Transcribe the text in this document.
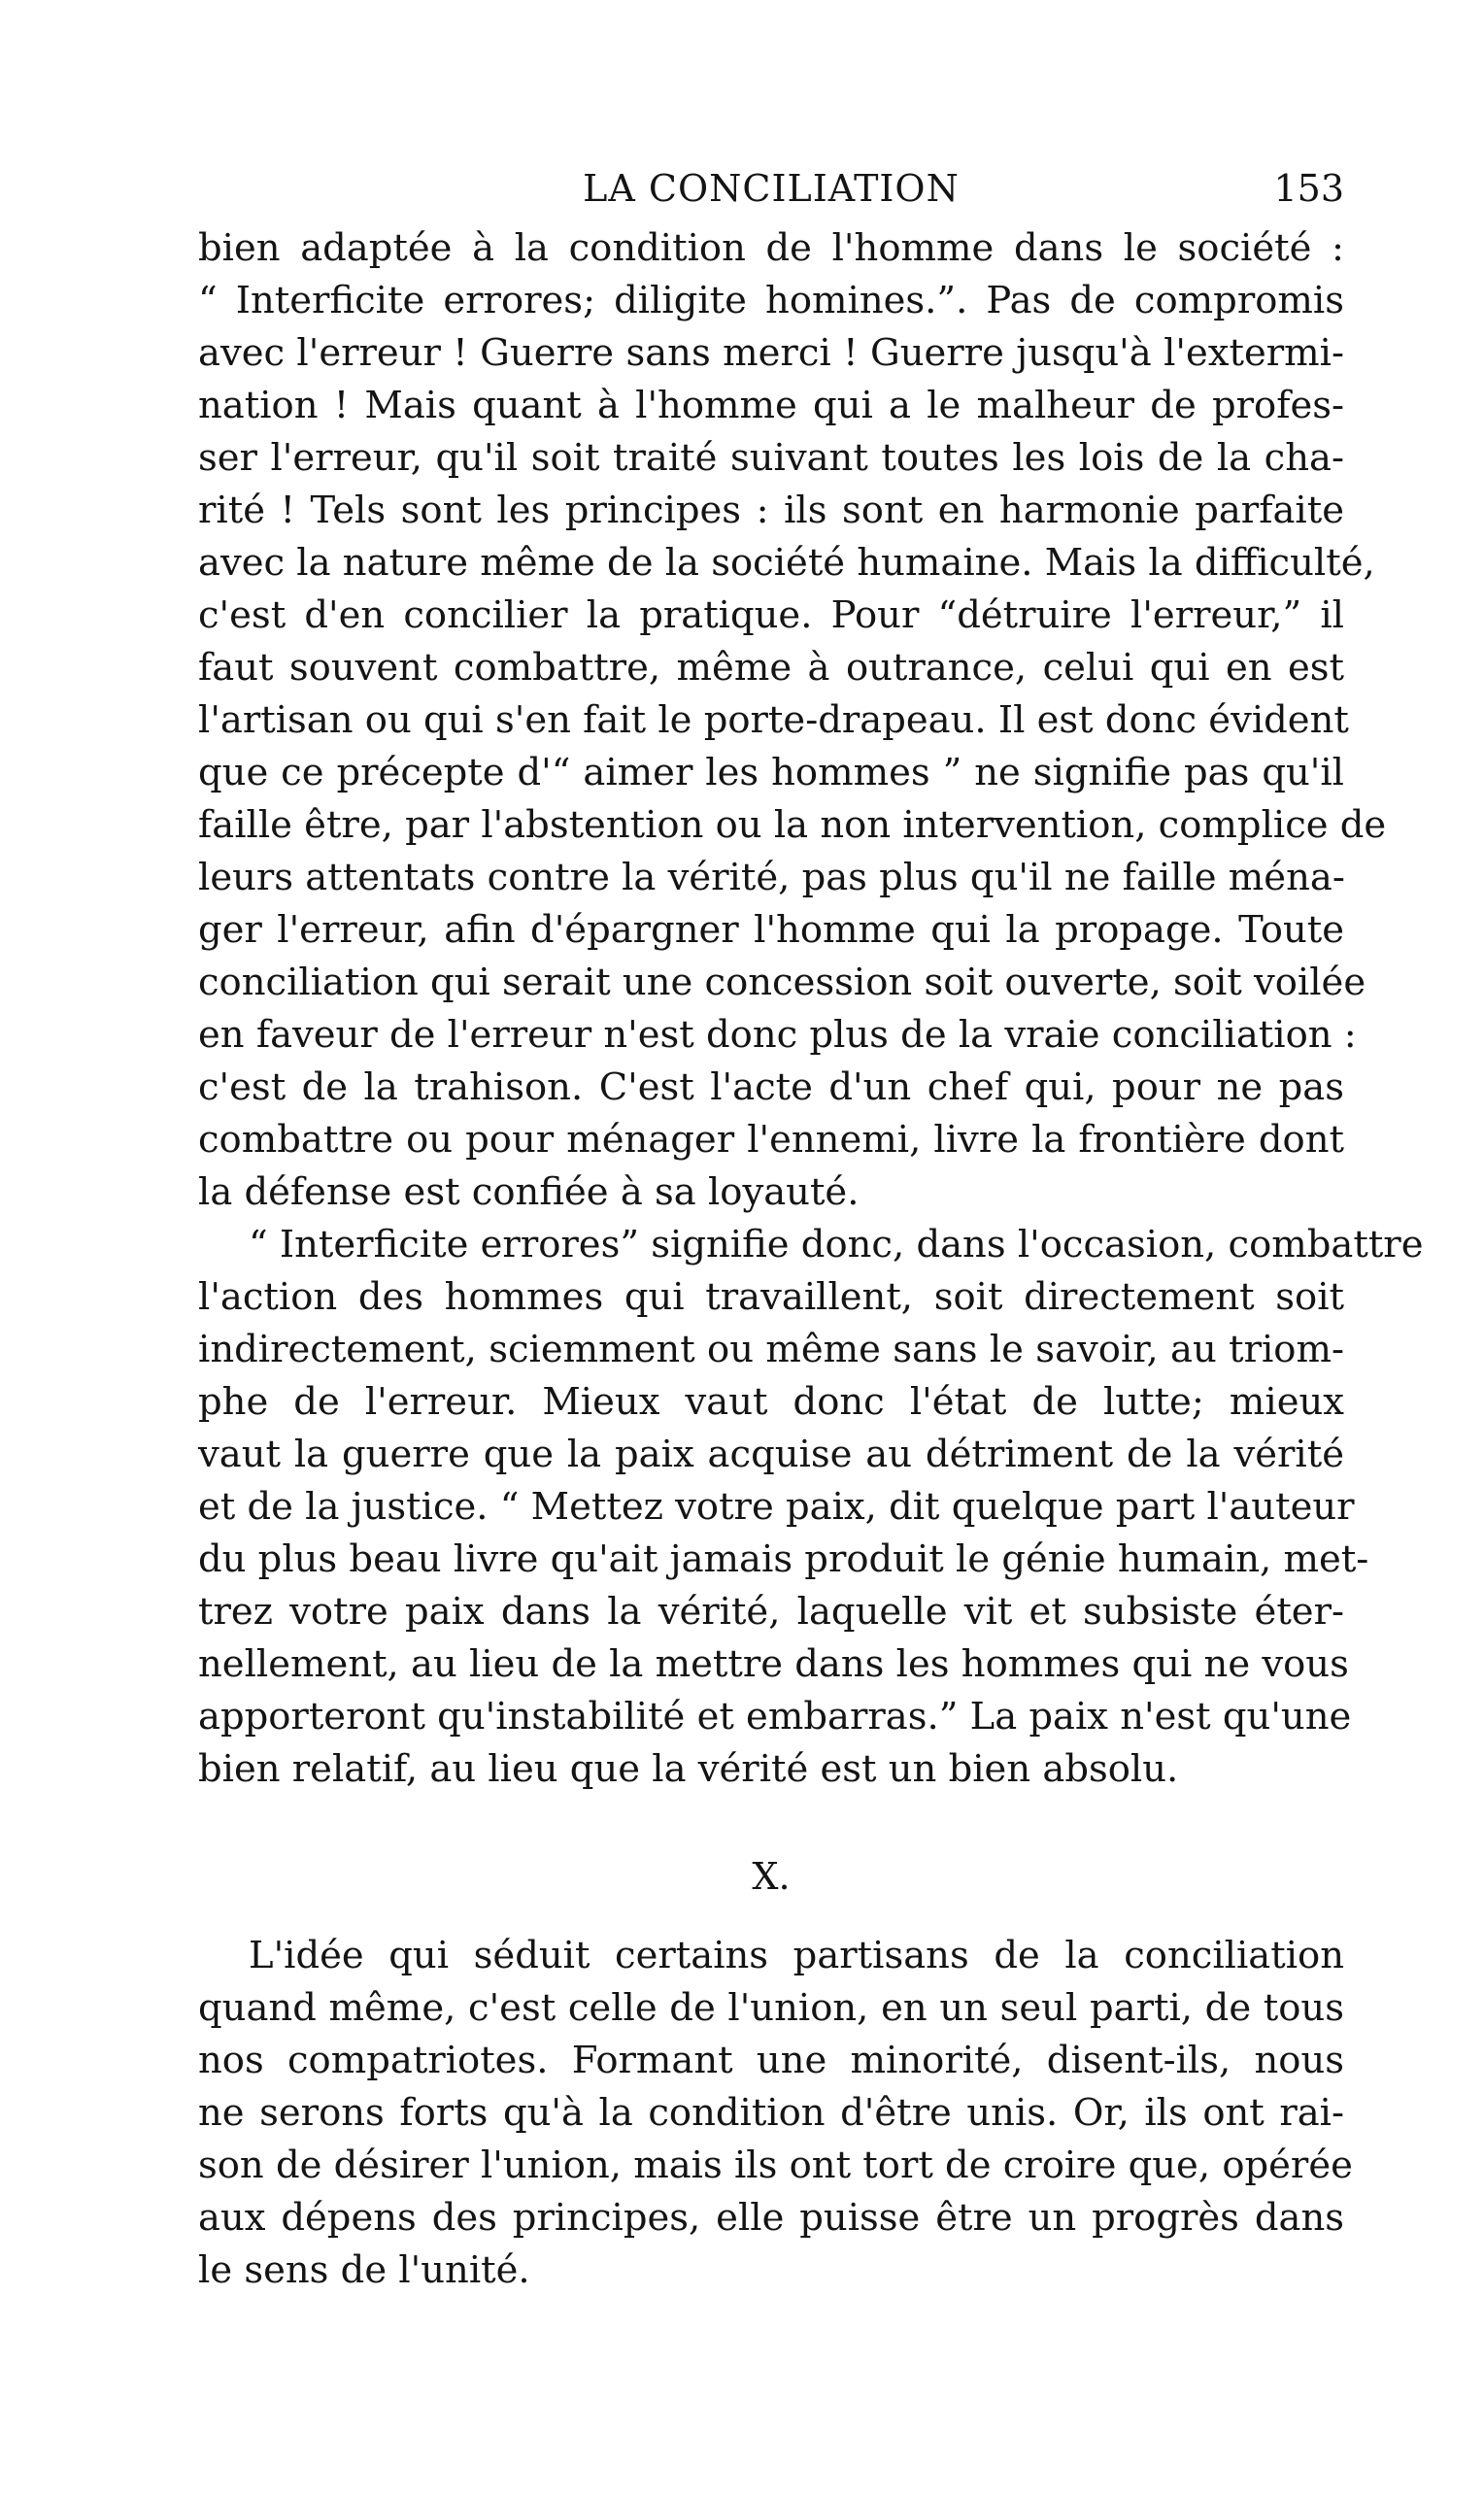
LA CONCILIATION	153
bien adaptée à la condition de l'homme dans le société :
“ Interficite errores; diligite homines.”. Pas de compromis
avec l'erreur ! Guerre sans merci ! Guerre jusqu'à l'extermi-
nation ! Mais quant à l'homme qui a le malheur de profes-
ser l'erreur, qu'il soit traité suivant toutes les lois de la cha-
rité ! Tels sont les principes : ils sont en harmonie parfaite
avec la nature même de la société humaine. Mais la difficulté,
c'est d'en concilier la pratique. Pour “détruire l'erreur,” il
faut souvent combattre, même à outrance, celui qui en est
l'artisan ou qui s'en fait le porte-drapeau. Il est donc évident
que ce précepte d'“ aimer les hommes ” ne signifie pas qu'il
faille être, par l'abstention ou la non intervention, complice de
leurs attentats contre la vérité, pas plus qu'il ne faille ména-
ger l'erreur, afin d'épargner l'homme qui la propage. Toute
conciliation qui serait une concession soit ouverte, soit voilée
en faveur de l'erreur n'est donc plus de la vraie conciliation :
c'est de la trahison. C'est l'acte d'un chef qui, pour ne pas
combattre ou pour ménager l'ennemi, livre la frontière dont
la défense est confiée à sa loyauté.
“ Interficite errores” signifie donc, dans l'occasion, combattre
l'action des hommes qui travaillent, soit directement soit
indirectement, sciemment ou même sans le savoir, au triom-
phe de l'erreur. Mieux vaut donc l'état de lutte; mieux
vaut la guerre que la paix acquise au détriment de la vérité
et de la justice. “ Mettez votre paix, dit quelque part l'auteur
du plus beau livre qu'ait jamais produit le génie humain, met-
trez votre paix dans la vérité, laquelle vit et subsiste éter-
nellement, au lieu de la mettre dans les hommes qui ne vous
apporteront qu'instabilité et embarras.” La paix n'est qu'une
bien relatif, au lieu que la vérité est un bien absolu.
X.
L'idée qui séduit certains partisans de la conciliation
quand même, c'est celle de l'union, en un seul parti, de tous
nos compatriotes. Formant une minorité, disent-ils, nous
ne serons forts qu'à la condition d'être unis. Or, ils ont rai-
son de désirer l'union, mais ils ont tort de croire que, opérée
aux dépens des principes, elle puisse être un progrès dans
le sens de l'unité.
